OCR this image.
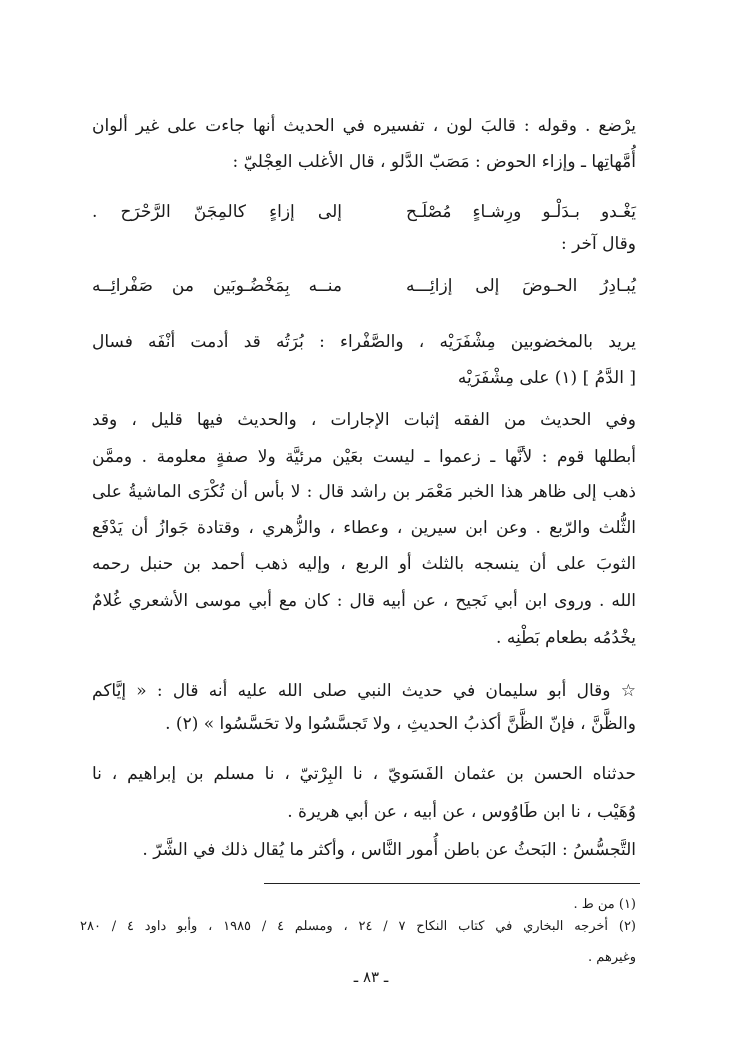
يرْضع . وقوله : قالبَ لون ، تفسيره في الحديث أنها جاءت على غير ألوان
أُمَّهاتِها ـ وإزاء الحوض : مَصَبّ الدَّلو ، قال الأغلب العِجْليّ :
يَغْـدو بـدَلْـو ورِشـاءٍ مُصْلَـح
إلى إزاءٍ كالمِجَنّ الرَّحْرَح .
وقال آخر :
يُبـادِرُ الحـوضَ إلى إزائِـــه
منــه بِمَخْضُـوبَين من صَفْرائِــه
يريد بالمخضوبين مِشْفَرَيْه ، والصَّفْراء : بُرَتُه قد أدمت أنْفَه فسال
[ الدَّمُ ] (١) على مِشْفَرَيْه
وفي الحديث من الفقه إثبات الإجارات ، والحديث فيها قليل ، وقد
أبطلها قوم : لأنَّها ـ زعموا ـ ليست بعَيْن مرئيَّة ولا صفةٍ معلومة . وممَّن
ذهب إلى ظاهر هذا الخبر مَعْمَر بن راشد قال : لا بأس أن تُكْرَى الماشيةُ على
الثُّلث والرّبع . وعن ابن سيرين ، وعطاء ، والزُّهري ، وقتادة جَوازُ أن يَدْفَع
الثوبَ على أن ينسجه بالثلث أو الربع ، وإليه ذهب أحمد بن حنبل رحمه
الله . وروى ابن أبي نَجيح ، عن أبيه قال : كان مع أبي موسى الأشعري غُلامٌ
يخْدُمُه بطعام بَطْنِه .
☆ وقال أبو سليمان في حديث النبي صلى الله عليه أنه قال : « إيَّاكم
والظَّنَّ ، فإنّ الظَّنَّ أكذبُ الحديثِ ، ولا تَجسَّسُوا ولا تحَسَّسُوا » (٢) .
حدثناه الحسن بن عثمان الفَسَويّ ، نا البِرْتيّ ، نا مسلم بن إبراهيم ، نا
وُهَيْب ، نا ابن طَاوُوس ، عن أبيه ، عن أبي هريرة .
التَّجسُّسُ : البَحثُ عن باطن أُمور النَّاس ، وأكثر ما يُقال ذلك في الشَّرّ .
(١) من ط .
(٢) أخرجه البخاري في كتاب النكاح ٧ / ٢٤ ، ومسلم ٤ / ١٩٨٥ ، وأبو داود ٤ / ٢٨٠
وغيرهم .
ـ ٨٣ ـ
